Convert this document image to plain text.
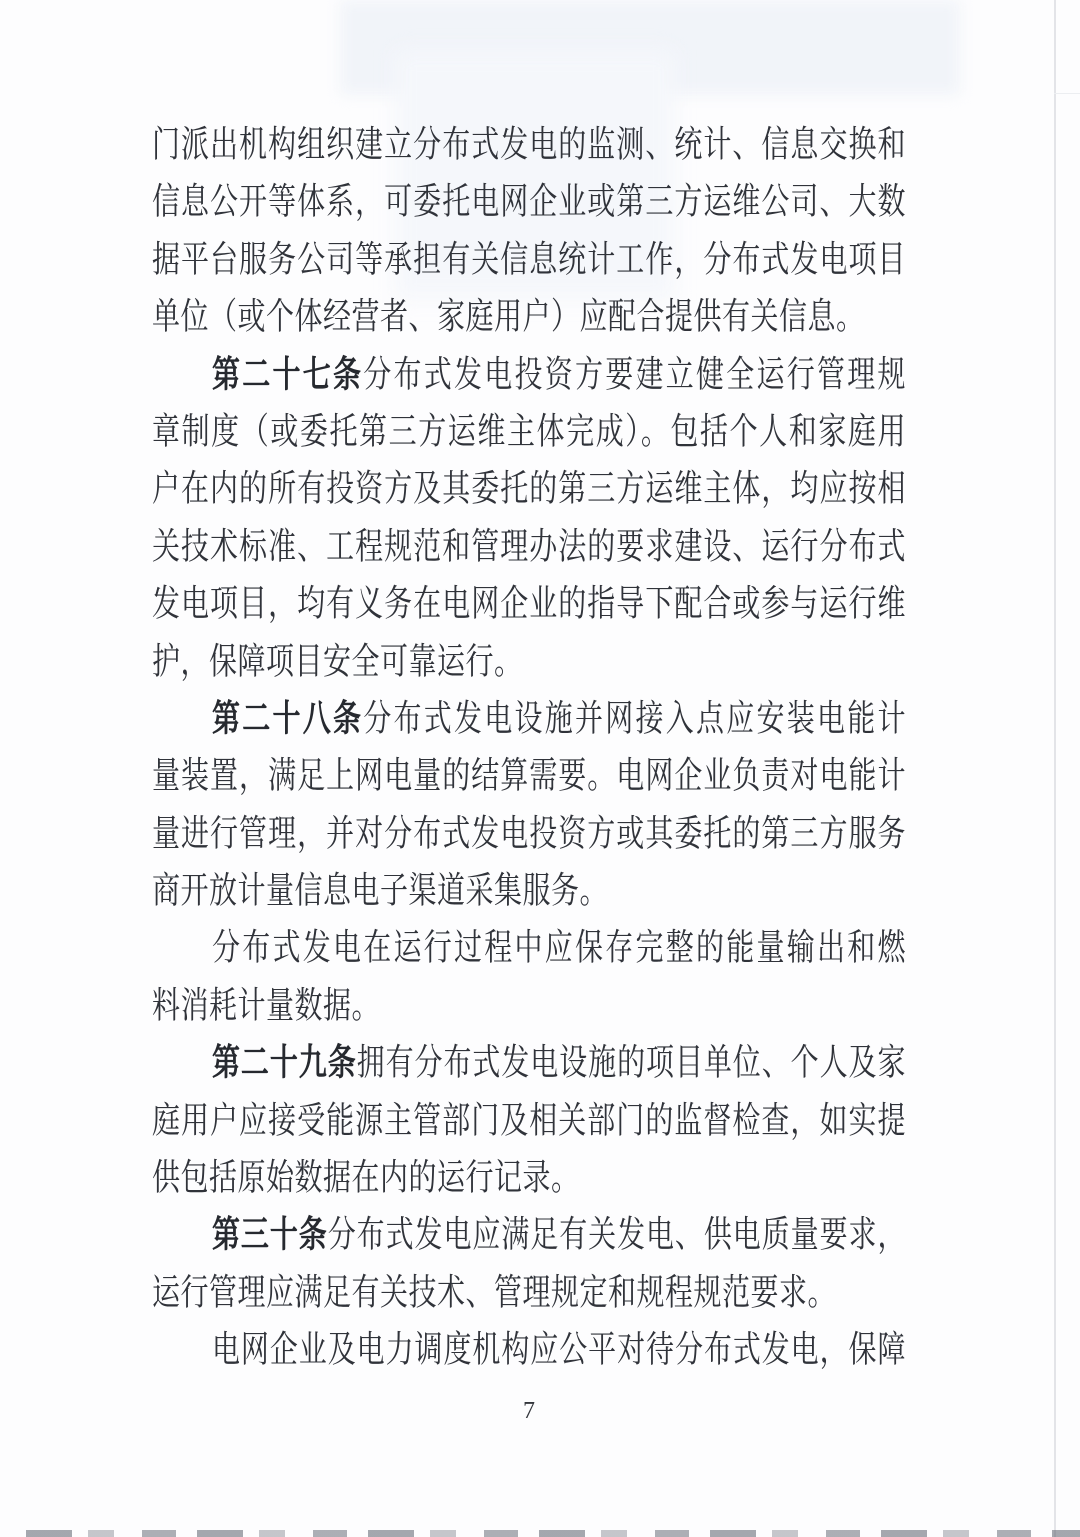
门派出机构组织建立分布式发电的监测、统计、信息交换和
信息公开等体系，可委托电网企业或第三方运维公司、大数
据平台服务公司等承担有关信息统计工作，分布式发电项目
单位（或个体经营者、家庭用户）应配合提供有关信息。
第二十七条分布式发电投资方要建立健全运行管理规
章制度（或委托第三方运维主体完成）。包括个人和家庭用
户在内的所有投资方及其委托的第三方运维主体，均应按相
关技术标准、工程规范和管理办法的要求建设、运行分布式
发电项目，均有义务在电网企业的指导下配合或参与运行维
护，保障项目安全可靠运行。
第二十八条分布式发电设施并网接入点应安装电能计
量装置，满足上网电量的结算需要。电网企业负责对电能计
量进行管理，并对分布式发电投资方或其委托的第三方服务
商开放计量信息电子渠道采集服务。
分布式发电在运行过程中应保存完整的能量输出和燃
料消耗计量数据。
第二十九条拥有分布式发电设施的项目单位、个人及家
庭用户应接受能源主管部门及相关部门的监督检查，如实提
供包括原始数据在内的运行记录。
第三十条分布式发电应满足有关发电、供电质量要求，
运行管理应满足有关技术、管理规定和规程规范要求。
电网企业及电力调度机构应公平对待分布式发电，保障
7
